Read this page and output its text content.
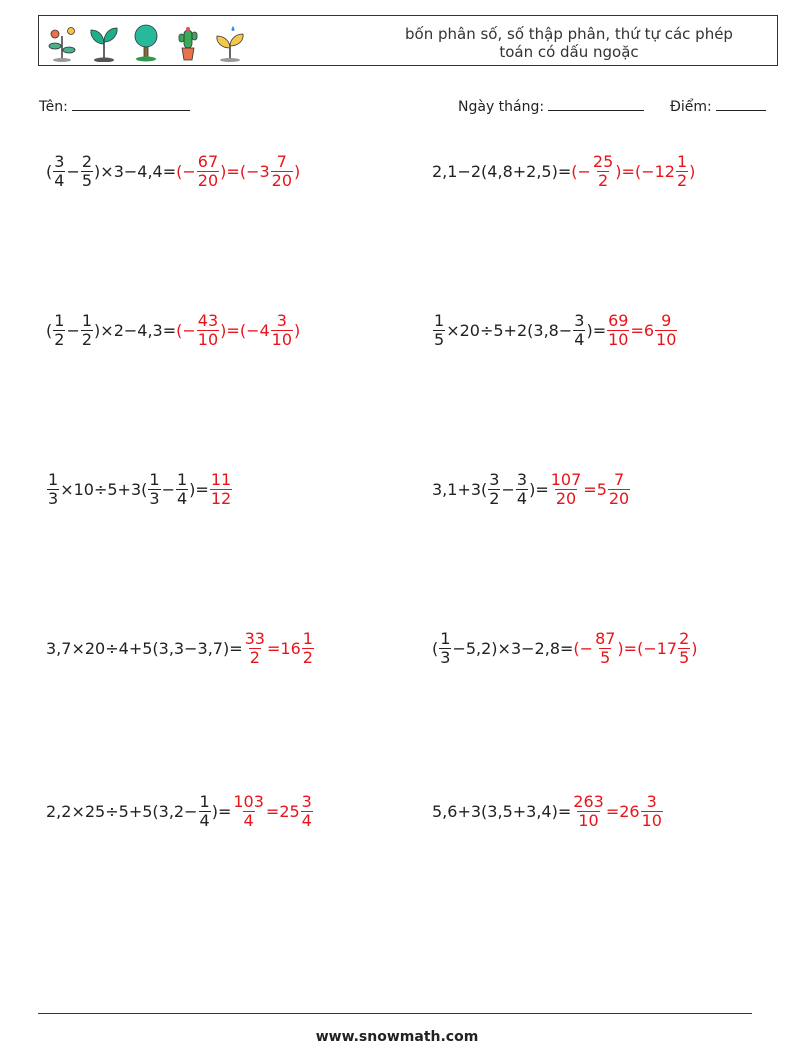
bốn phân số, số thập phân, thứ tự các phép
toán có dấu ngoặc
Tên:	Ngày tháng:	Điểm:
( $\frac{3}{4} - \frac{2}{5}$ ) × 3 − 4,4 = ( − $\frac{67}{20}$ ) = ( − $3 \frac{7}{20}$ )	2,1 − 2 ( 4,8 + 2,5 ) = ( − $\frac{25}{2}$ ) = ( − $12 \frac{1}{2}$ )
( $\frac{1}{2} - \frac{1}{2}$ ) × 2 − 4,3 = ( − $\frac{43}{10}$ ) = ( − $4 \frac{3}{10}$ )	$\frac{1}{5} \times 20 \div 5 + 2$ ( $3,8 - \frac{3}{4}$ ) = $\frac{69}{10} = 6 \frac{9}{10}$
$\frac{1}{3} \times 10 \div 5 + 3$ ( $\frac{1}{3} - \frac{1}{4}$ ) = $\frac{11}{12}$	3,1 + 3 ( $\frac{3}{2} - \frac{3}{4}$ ) = $\frac{107}{20} = 5 \frac{7}{20}$
3,7 × 20 ÷ 4 + 5 ( 3,3 − 3,7 ) = $\frac{33}{2} = 16 \frac{1}{2}$	( $\frac{1}{3} - 5,2$ ) × 3 − 2,8 = ( − $\frac{87}{5}$ ) = ( − $17 \frac{2}{5}$ )
2,2 × 25 ÷ 5 + 5 ( $3,2 - \frac{1}{4}$ ) = $\frac{103}{4} = 25 \frac{3}{4}$	5,6 + 3 ( 3,5 + 3,4 ) = $\frac{263}{10} = 26 \frac{3}{10}$
www.snowmath.com
